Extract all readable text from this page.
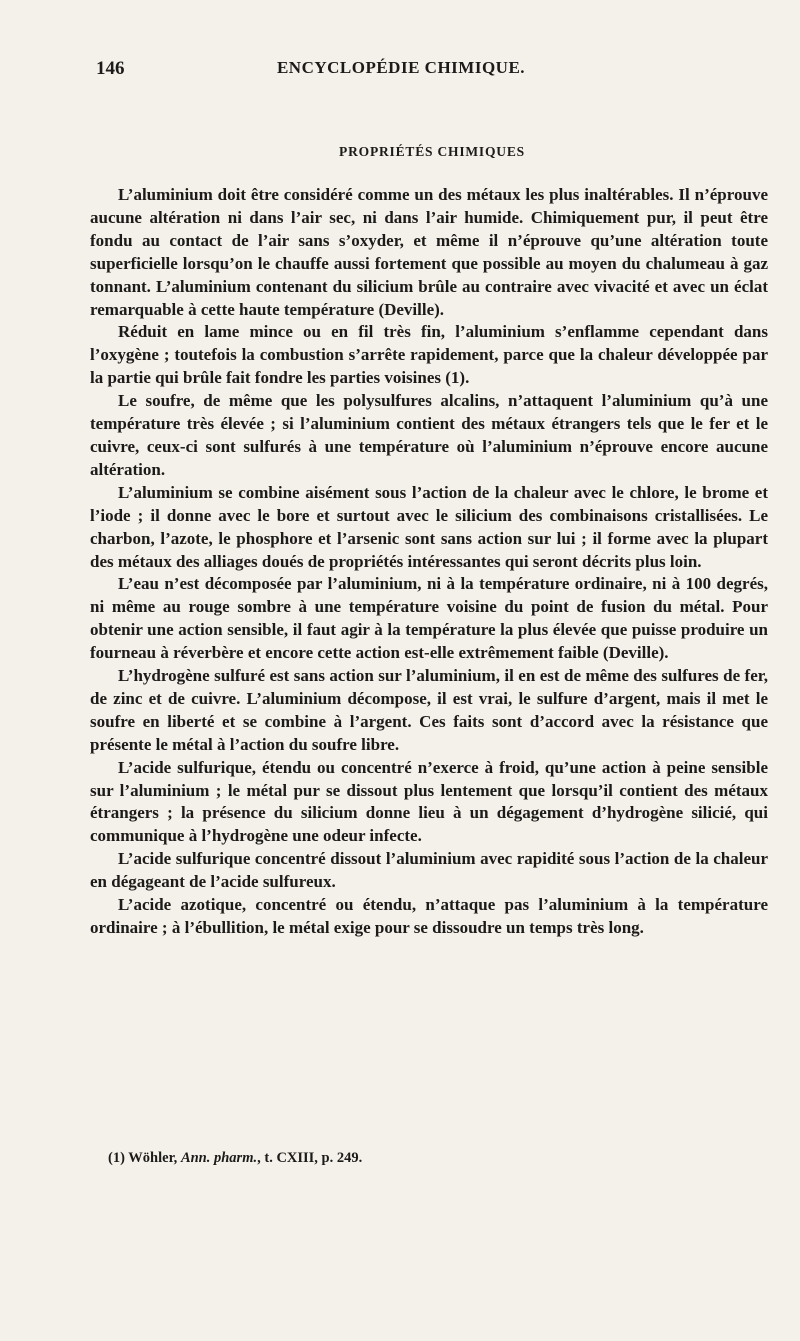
146	ENCYCLOPÉDIE CHIMIQUE.
PROPRIÉTÉS CHIMIQUES

L’aluminium doit être considéré comme un des métaux les plus inaltérables. Il n’éprouve aucune altération ni dans l’air sec, ni dans l’air humide. Chimiquement pur, il peut être fondu au contact de l’air sans s’oxyder, et même il n’éprouve qu’une altération toute superficielle lorsqu’on le chauffe aussi fortement que possible au moyen du chalumeau à gaz tonnant. L’aluminium contenant du silicium brûle au contraire avec vivacité et avec un éclat remarquable à cette haute température (Deville).

Réduit en lame mince ou en fil très fin, l’aluminium s’enflamme cependant dans l’oxygène ; toutefois la combustion s’arrête rapidement, parce que la chaleur développée par la partie qui brûle fait fondre les parties voisines (1).

Le soufre, de même que les polysulfures alcalins, n’attaquent l’aluminium qu’à une température très élevée ; si l’aluminium contient des métaux étrangers tels que le fer et le cuivre, ceux-ci sont sulfurés à une température où l’aluminium n’éprouve encore aucune altération.

L’aluminium se combine aisément sous l’action de la chaleur avec le chlore, le brome et l’iode ; il donne avec le bore et surtout avec le silicium des combinaisons cristallisées. Le charbon, l’azote, le phosphore et l’arsenic sont sans action sur lui ; il forme avec la plupart des métaux des alliages doués de propriétés intéressantes qui seront décrits plus loin.

L’eau n’est décomposée par l’aluminium, ni à la température ordinaire, ni à 100 degrés, ni même au rouge sombre à une température voisine du point de fusion du métal. Pour obtenir une action sensible, il faut agir à la température la plus élevée que puisse produire un fourneau à réverbère et encore cette action est-elle extrêmement faible (Deville).

L’hydrogène sulfuré est sans action sur l’aluminium, il en est de même des sulfures de fer, de zinc et de cuivre. L’aluminium décompose, il est vrai, le sulfure d’argent, mais il met le soufre en liberté et se combine à l’argent. Ces faits sont d’accord avec la résistance que présente le métal à l’action du soufre libre.

L’acide sulfurique, étendu ou concentré n’exerce à froid, qu’une action à peine sensible sur l’aluminium ; le métal pur se dissout plus lentement que lorsqu’il contient des métaux étrangers ; la présence du silicium donne lieu à un dégagement d’hydrogène silicié, qui communique à l’hydrogène une odeur infecte.

L’acide sulfurique concentré dissout l’aluminium avec rapidité sous l’action de la chaleur en dégageant de l’acide sulfureux.

L’acide azotique, concentré ou étendu, n’attaque pas l’aluminium à la température ordinaire ; à l’ébullition, le métal exige pour se dissoudre un temps très long.

(1) Wöhler, Ann. pharm., t. CXIII, p. 249.
